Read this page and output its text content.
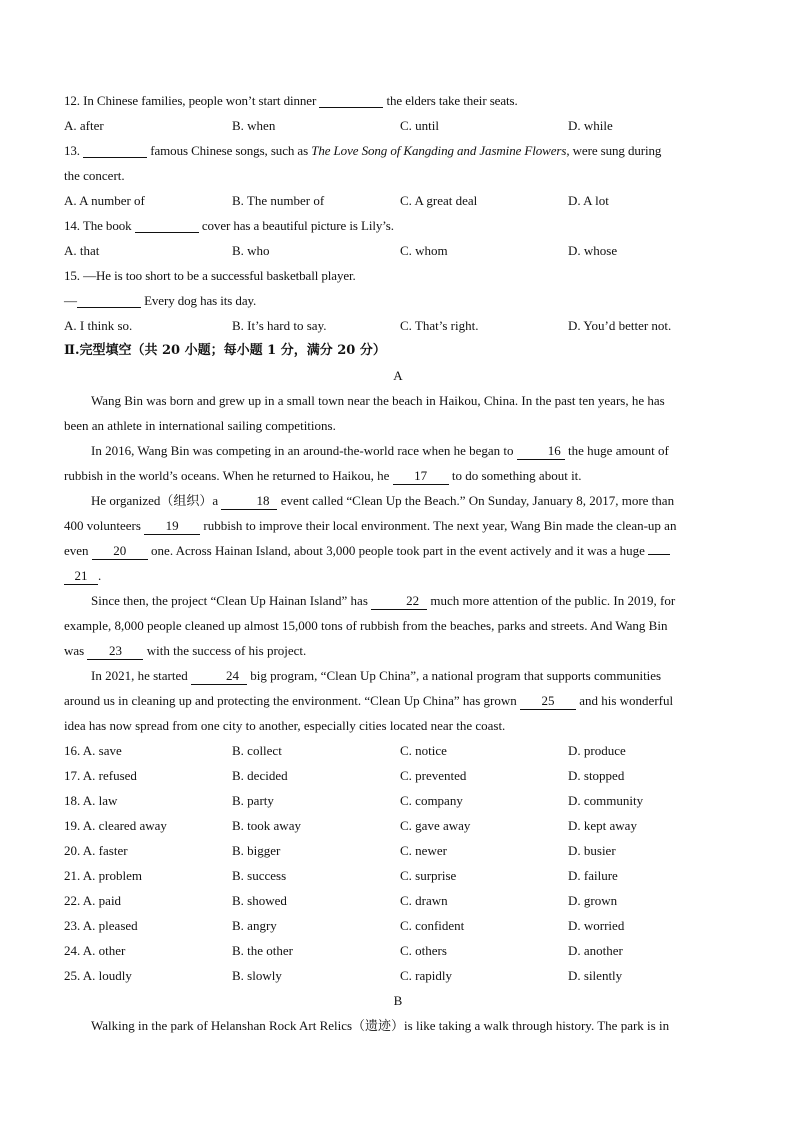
12. In Chinese families, people won’t start dinner	the elders take their seats.
A. after	B. when	C. until	D. while
13.	famous Chinese songs, such as The Love Song of Kangding and Jasmine Flowers, were sung during
the concert.
A. A number of	B. The number of	C. A great deal	D. A lot
14. The book	cover has a beautiful picture is Lily’s.
A. that	B. who	C. whom	D. whose
15. —He is too short to be a successful basketball player.
—	Every dog has its day.
A. I think so.	B. It’s hard to say.	C. That’s right.	D. You’d better not.
Ⅱ.完型填空（共 20 小题；每小题 1 分，满分 20 分）
A
Wang Bin was born and grew up in a small town near the beach in Haikou, China. In the past ten years, he has
been an athlete in international sailing competitions.
In 2016, Wang Bin was competing in an around-the-world race when he began to	16 the huge amount of
rubbish in the world’s oceans. When he returned to Haikou, he 17 to do something about it.
He organized（组织）a	18 event called “Clean Up the Beach.” On Sunday, January 8, 2017, more than
400 volunteers 19 rubbish to improve their local environment. The next year, Wang Bin made the clean-up an
even 20 one. Across Hainan Island, about 3,000 people took part in the event actively and it was a huge
21 .
Since then, the project “Clean Up Hainan Island” has	22 much more attention of the public. In 2019, for
example, 8,000 people cleaned up almost 15,000 tons of rubbish from the beaches, parks and streets. And Wang Bin
was 23 with the success of his project.
In 2021, he started	24 big program, “Clean Up China”, a national program that supports communities
around us in cleaning up and protecting the environment. “Clean Up China” has grown 25 and his wonderful
idea has now spread from one city to another, especially cities located near the coast.
16. A. save	B. collect	C. notice	D. produce
17. A. refused	B. decided	C. prevented	D. stopped
18. A. law	B. party	C. company	D. community
19. A. cleared away	B. took away	C. gave away	D. kept away
20. A. faster	B. bigger	C. newer	D. busier
21. A. problem	B. success	C. surprise	D. failure
22. A. paid	B. showed	C. drawn	D. grown
23. A. pleased	B. angry	C. confident	D. worried
24. A. other	B. the other	C. others	D. another
25. A. loudly	B. slowly	C. rapidly	D. silently
B
Walking in the park of Helanshan Rock Art Relics（遗迹）is like taking a walk through history. The park is in
